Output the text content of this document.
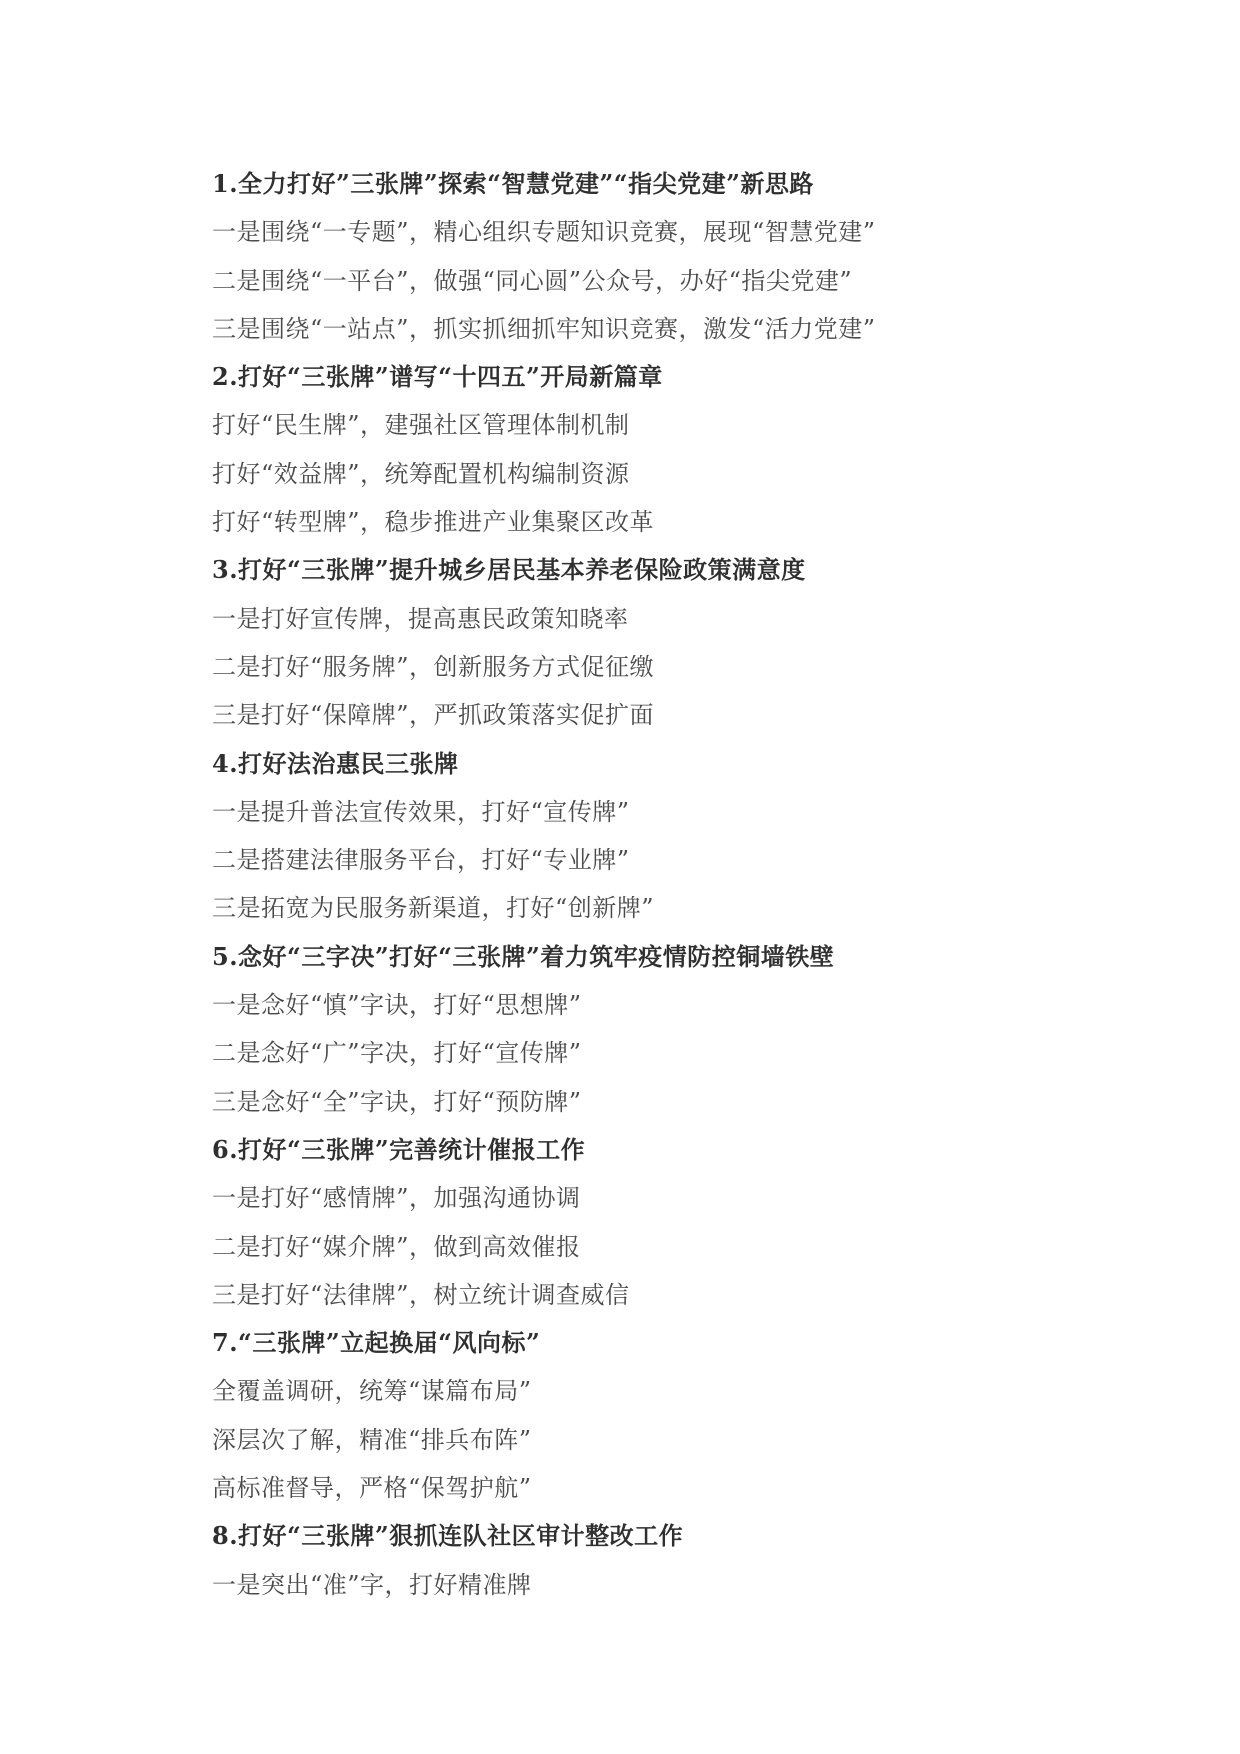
1.全力打好”三张牌”探索“智慧党建”“指尖党建”新思路
一是围绕“一专题”，精心组织专题知识竞赛，展现“智慧党建”
二是围绕“一平台”，做强“同心圆”公众号，办好“指尖党建”
三是围绕“一站点”，抓实抓细抓牢知识竞赛，激发“活力党建”
2.打好“三张牌”谱写“十四五”开局新篇章
打好“民生牌”，建强社区管理体制机制
打好“效益牌”，统筹配置机构编制资源
打好“转型牌”，稳步推进产业集聚区改革
3.打好“三张牌”提升城乡居民基本养老保险政策满意度
一是打好宣传牌，提高惠民政策知晓率
二是打好“服务牌”，创新服务方式促征缴
三是打好“保障牌”，严抓政策落实促扩面
4.打好法治惠民三张牌
一是提升普法宣传效果，打好“宣传牌”
二是搭建法律服务平台，打好“专业牌”
三是拓宽为民服务新渠道，打好“创新牌”
5.念好“三字决”打好“三张牌”着力筑牢疫情防控铜墙铁壁
一是念好“慎”字诀，打好“思想牌”
二是念好“广”字决，打好“宣传牌”
三是念好“全”字诀，打好“预防牌”
6.打好“三张牌”完善统计催报工作
一是打好“感情牌”，加强沟通协调
二是打好“媒介牌”，做到高效催报
三是打好“法律牌”，树立统计调查威信
7.“三张牌”立起换届“风向标”
全覆盖调研，统筹“谋篇布局”
深层次了解，精准“排兵布阵”
高标准督导，严格“保驾护航”
8.打好“三张牌”狠抓连队社区审计整改工作
一是突出“准”字，打好精准牌
